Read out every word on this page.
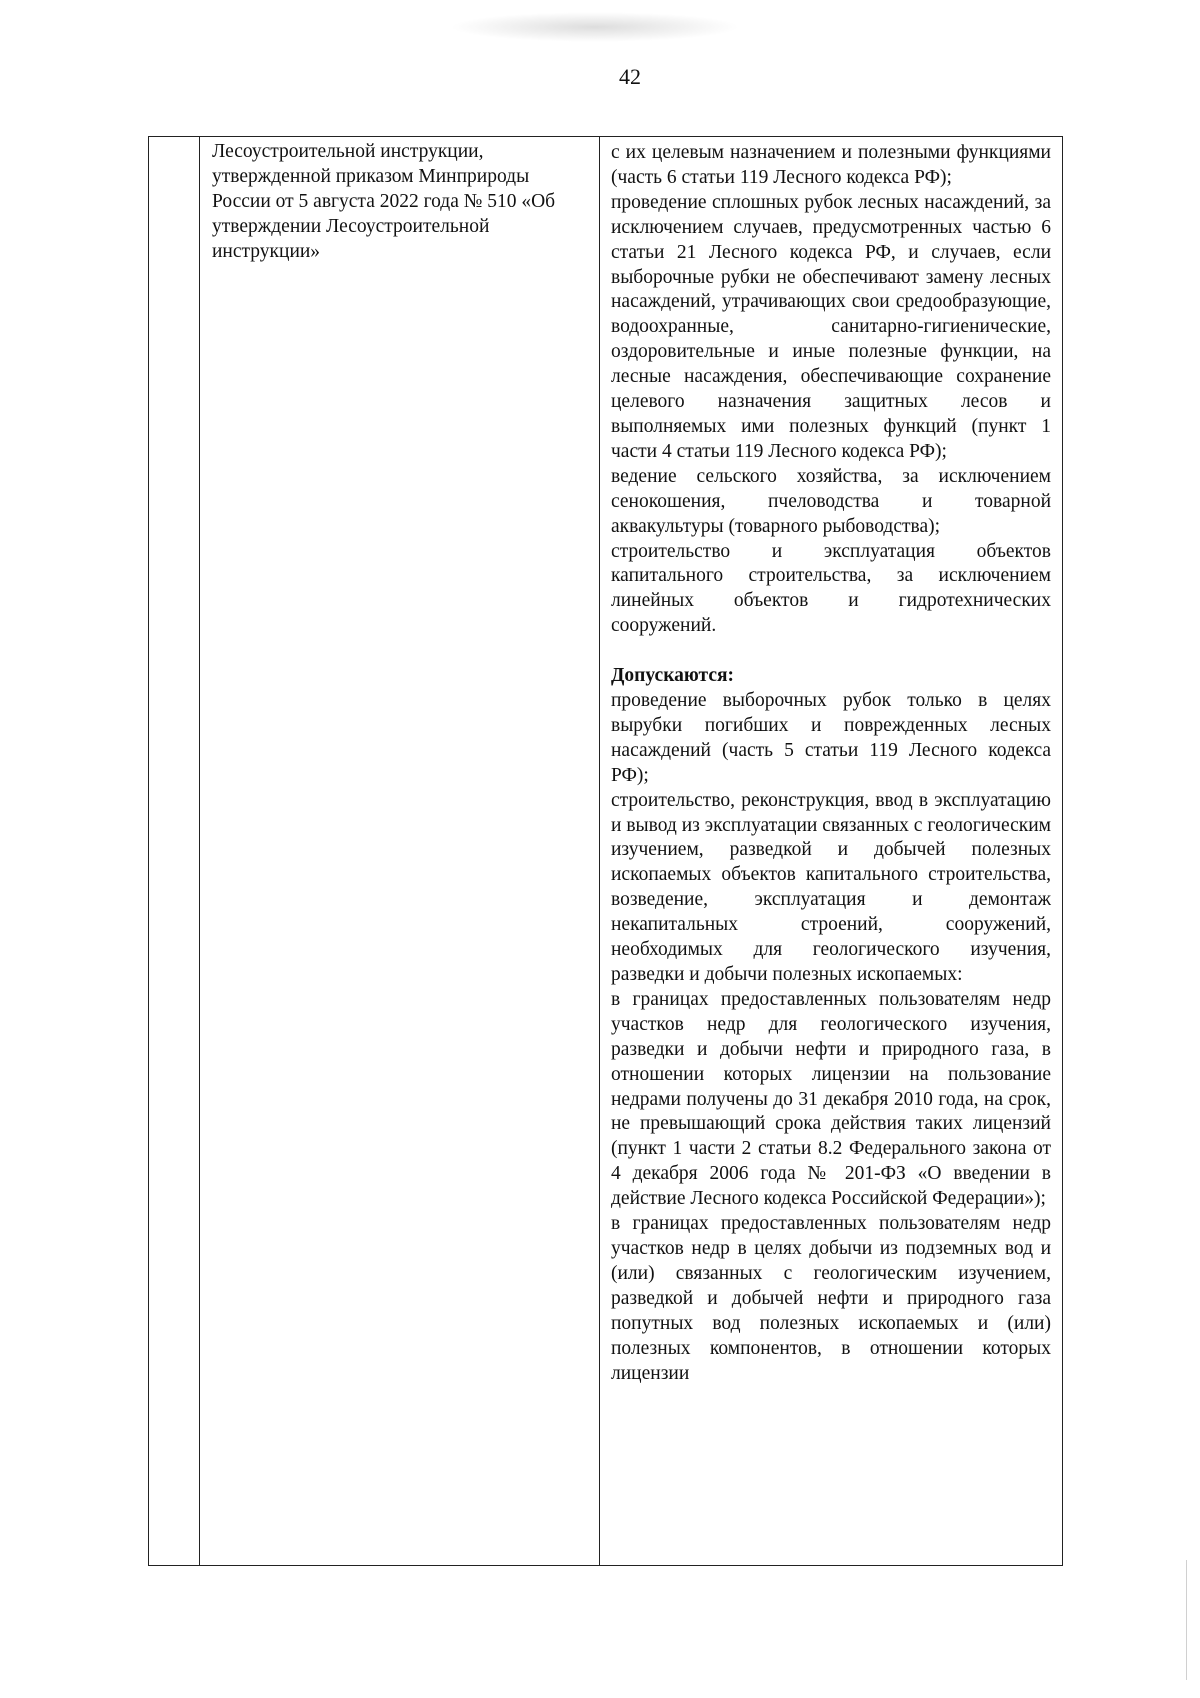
42

Лесоустроительной инструкции, утвержденной приказом Минприроды России от 5 августа 2022 года № 510 «Об утверждении Лесоустроительной инструкции»

с их целевым назначением и полезными функциями (часть 6 статьи 119 Лесного кодекса РФ);

проведение сплошных рубок лесных насаждений, за исключением случаев, предусмотренных частью 6 статьи 21 Лесного кодекса РФ, и случаев, если выборочные рубки не обеспечивают замену лесных насаждений, утрачивающих свои средообразующие, водоохранные, санитарно-гигиенические, оздоровительные и иные полезные функции, на лесные насаждения, обеспечивающие сохранение целевого назначения защитных лесов и выполняемых ими полезных функций (пункт 1 части 4 статьи 119 Лесного кодекса РФ);

ведение сельского хозяйства, за исключением сенокошения, пчеловодства и товарной аквакультуры (товарного рыбоводства);

строительство и эксплуатация объектов капитального строительства, за исключением линейных объектов и гидротехнических сооружений.

Допускаются:

проведение выборочных рубок только в целях вырубки погибших и поврежденных лесных насаждений (часть 5 статьи 119 Лесного кодекса РФ);

строительство, реконструкция, ввод в эксплуатацию и вывод из эксплуатации связанных с геологическим изучением, разведкой и добычей полезных ископаемых объектов капитального строительства, возведение, эксплуатация и демонтаж некапитальных строений, сооружений, необходимых для геологического изучения, разведки и добычи полезных ископаемых:

в границах предоставленных пользователям недр участков недр для геологического изучения, разведки и добычи нефти и природного газа, в отношении которых лицензии на пользование недрами получены до 31 декабря 2010 года, на срок, не превышающий срока действия таких лицензий (пункт 1 части 2 статьи 8.2 Федерального закона от 4 декабря 2006 года № 201-ФЗ «О введении в действие Лесного кодекса Российской Федерации»);

в границах предоставленных пользователям недр участков недр в целях добычи из подземных вод и (или) связанных с геологическим изучением, разведкой и добычей нефти и природного газа попутных вод полезных ископаемых и (или) полезных компонентов, в отношении которых лицензии
